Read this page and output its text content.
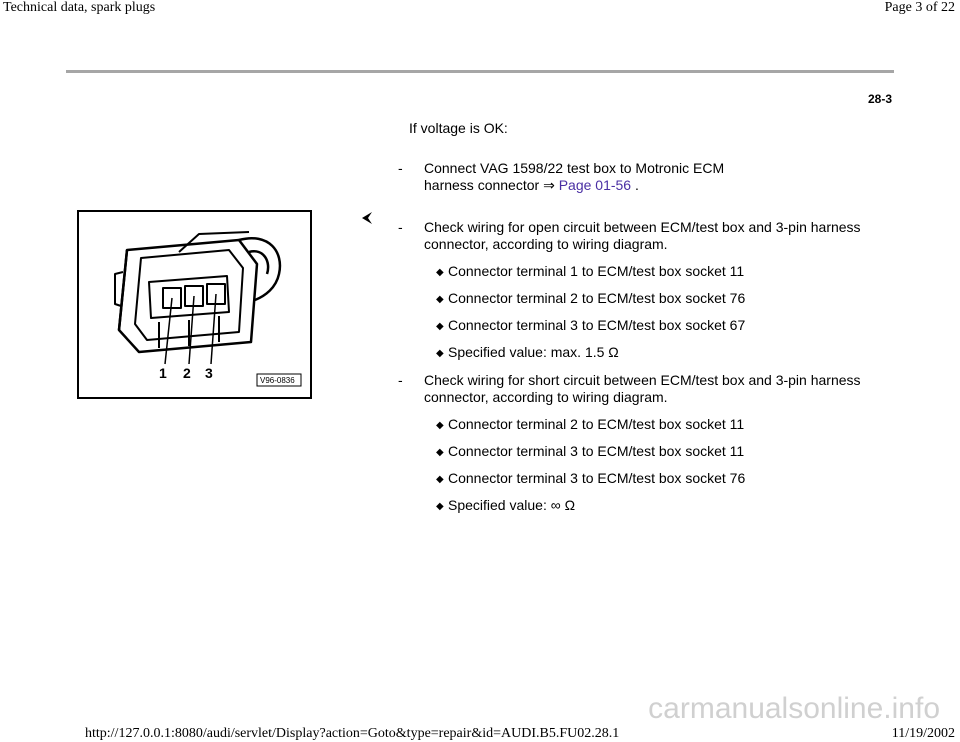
Technical data, spark plugs	Page 3 of 22
28-3
If voltage is OK:
- Connect VAG 1598/22 test box to Motronic ECM
harness connector ⇒ Page 01-56 .
1 2 3	V96-0836
- Check wiring for open circuit between ECM/test box and 3-pin harness
connector, according to wiring diagram.
◆ Connector terminal 1 to ECM/test box socket 11
◆ Connector terminal 2 to ECM/test box socket 76
◆ Connector terminal 3 to ECM/test box socket 67
◆ Specified value: max. 1.5 Ω
- Check wiring for short circuit between ECM/test box and 3-pin harness
connector, according to wiring diagram.
◆ Connector terminal 2 to ECM/test box socket 11
◆ Connector terminal 3 to ECM/test box socket 11
◆ Connector terminal 3 to ECM/test box socket 76
◆ Specified value: ∞ Ω
carmanualsonline.info
http://127.0.0.1:8080/audi/servlet/Display?action=Goto&type=repair&id=AUDI.B5.FU02.28.1	11/19/2002
